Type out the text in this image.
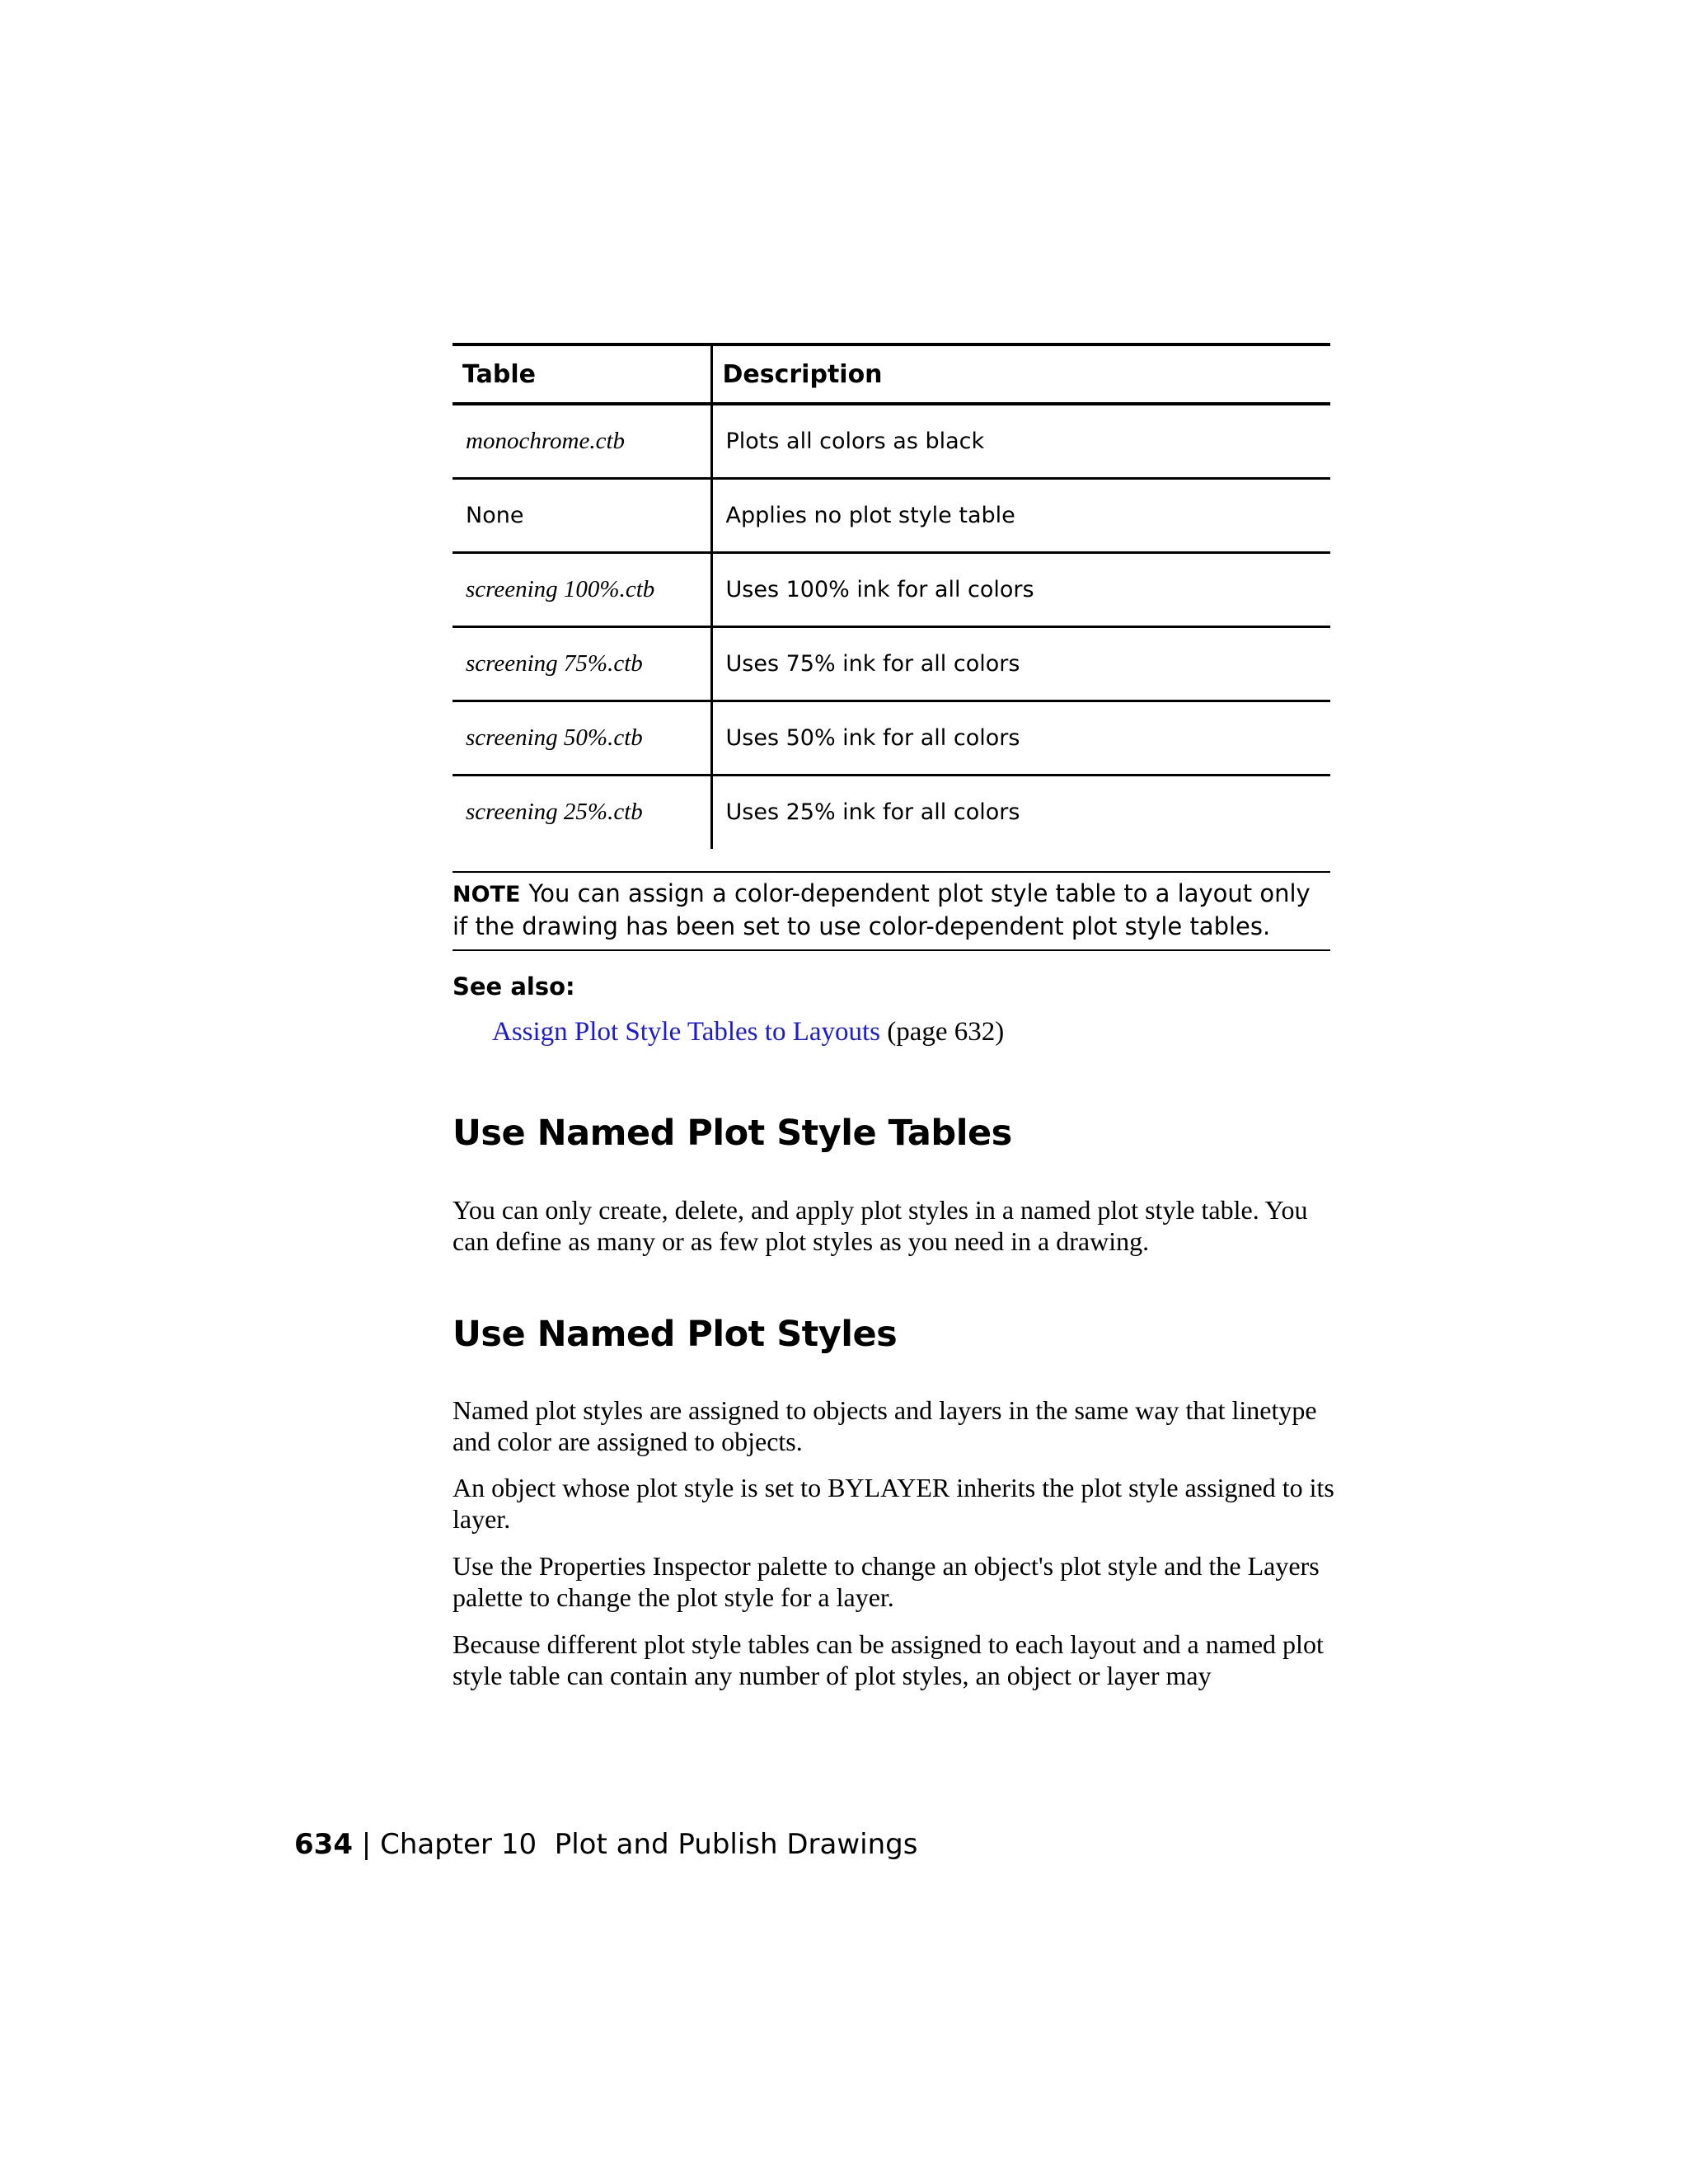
Table	Description
monochrome.ctb	Plots all colors as black
None	Applies no plot style table
screening 100%.ctb	Uses 100% ink for all colors
screening 75%.ctb	Uses 75% ink for all colors
screening 50%.ctb	Uses 50% ink for all colors
screening 25%.ctb	Uses 25% ink for all colors
NOTE You can assign a color-dependent plot style table to a layout only if the drawing has been set to use color-dependent plot style tables.
See also:
Assign Plot Style Tables to Layouts (page 632)
Use Named Plot Style Tables

You can only create, delete, and apply plot styles in a named plot style table. You can define as many or as few plot styles as you need in a drawing.

Use Named Plot Styles

Named plot styles are assigned to objects and layers in the same way that linetype and color are assigned to objects.

An object whose plot style is set to BYLAYER inherits the plot style assigned to its layer.

Use the Properties Inspector palette to change an object's plot style and the Layers palette to change the plot style for a layer.

Because different plot style tables can be assigned to each layout and a named plot style table can contain any number of plot styles, an object or layer may

634 | Chapter 10 Plot and Publish Drawings
